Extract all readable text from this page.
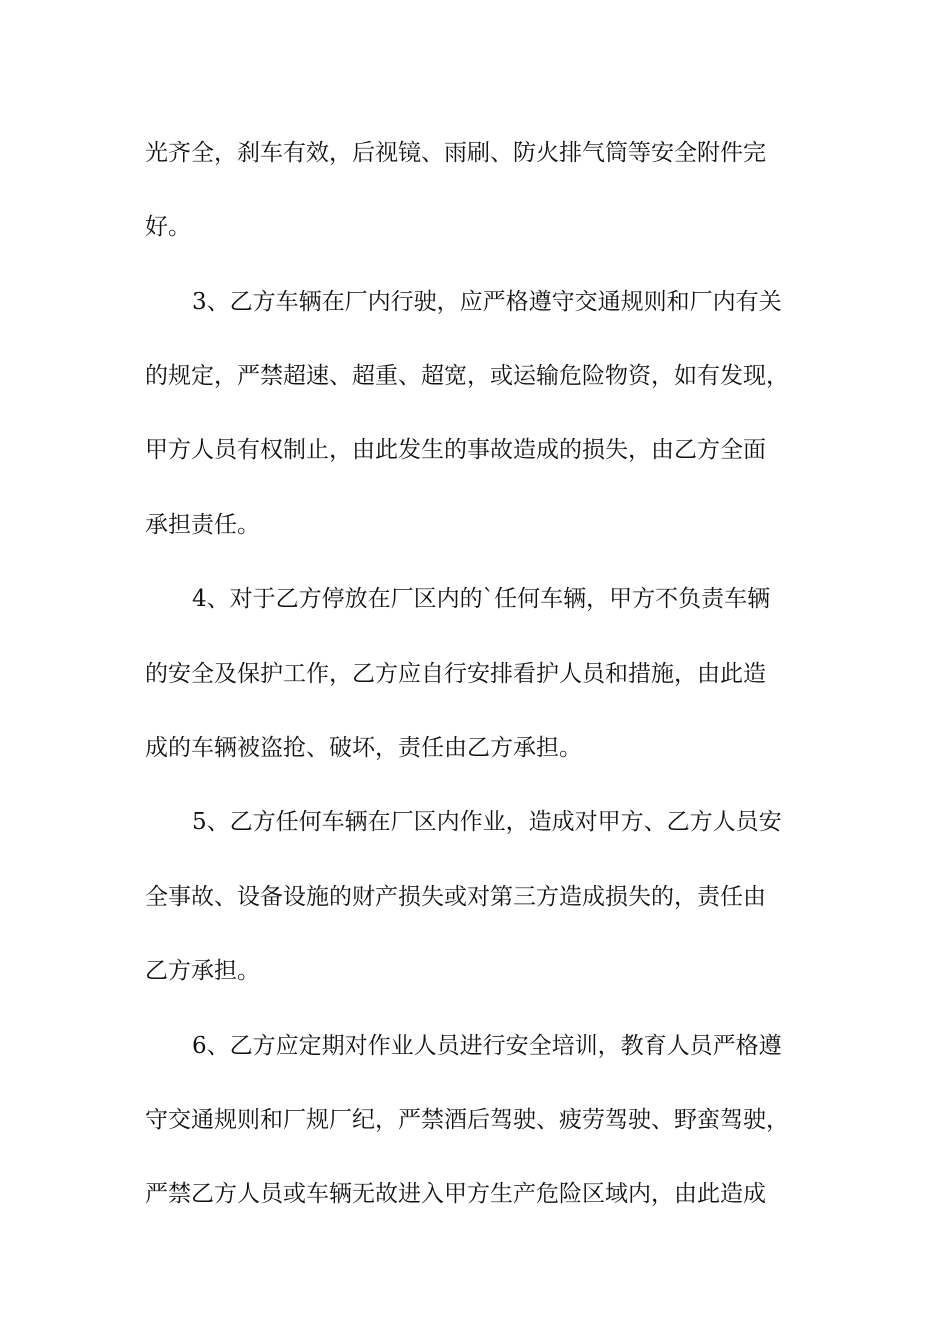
光齐全，刹车有效，后视镜、雨刷、防火排气筒等安全附件完
好。
3、乙方车辆在厂内行驶，应严格遵守交通规则和厂内有关
的规定，严禁超速、超重、超宽，或运输危险物资，如有发现，
甲方人员有权制止，由此发生的事故造成的损失，由乙方全面
承担责任。
4、对于乙方停放在厂区内的`任何车辆，甲方不负责车辆
的安全及保护工作，乙方应自行安排看护人员和措施，由此造
成的车辆被盗抢、破坏，责任由乙方承担。
5、乙方任何车辆在厂区内作业，造成对甲方、乙方人员安
全事故、设备设施的财产损失或对第三方造成损失的，责任由
乙方承担。
6、乙方应定期对作业人员进行安全培训，教育人员严格遵
守交通规则和厂规厂纪，严禁酒后驾驶、疲劳驾驶、野蛮驾驶，
严禁乙方人员或车辆无故进入甲方生产危险区域内，由此造成
